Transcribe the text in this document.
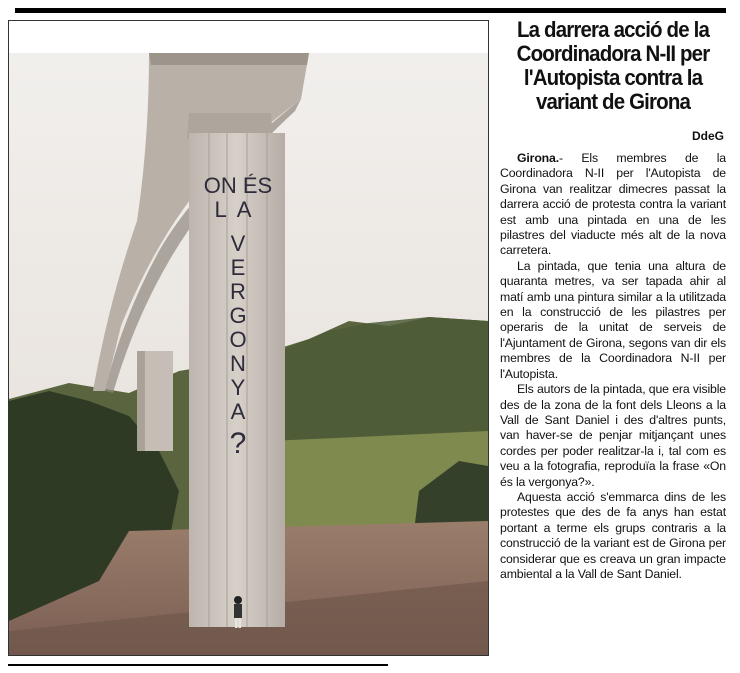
ON ÉS
LA
V
E
R
G
O
N
Y
A
?
La darrera acció de la Coordinadora N-II per l'Autopista contra la variant de Girona
DdeG

Girona.- Els membres de la Coordinadora N-II per l'Autopista de Girona van realitzar dimecres passat la darrera acció de protesta contra la variant est amb una pintada en una de les pilastres del viaducte més alt de la nova carretera.

La pintada, que tenia una altura de quaranta metres, va ser tapada ahir al matí amb una pintura similar a la utilitzada en la construcció de les pilastres per operaris de la unitat de serveis de l'Ajuntament de Girona, segons van dir els membres de la Coordinadora N-II per l'Autopista.

Els autors de la pintada, que era visible des de la zona de la font dels Lleons a la Vall de Sant Daniel i des d'altres punts, van haver-se de penjar mitjançant unes cordes per poder realitzar-la i, tal com es veu a la fotografia, reproduïa la frase «On és la vergonya?».

Aquesta acció s'emmarca dins de les protestes que des de fa anys han estat portant a terme els grups contraris a la construcció de la variant est de Girona per considerar que es creava un gran impacte ambiental a la Vall de Sant Daniel.
